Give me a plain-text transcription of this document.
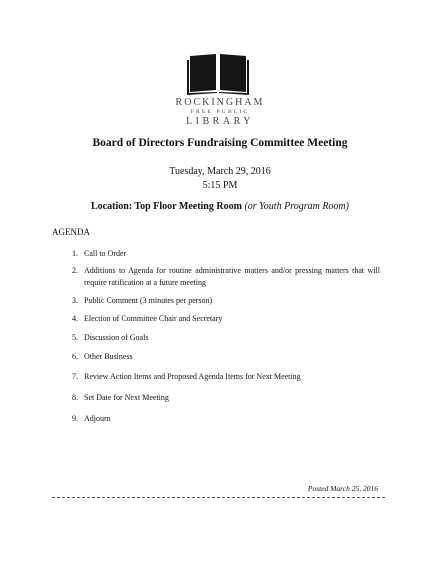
ROCKINGHAM
FREE PUBLIC
LIBRARY
Board of Directors Fundraising Committee Meeting
Tuesday, March 29, 2016
5:15 PM
Location: Top Floor Meeting Room (or Youth Program Room)
AGENDA
1. Call to Order
2. Additions to Agenda for routine administrative matters and/or pressing matters that will require ratification at a future meeting
3. Public Comment (3 minutes per person)
4. Election of Committee Chair and Secretary
5. Discussion of Goals
6. Other Business
7. Review Action Items and Proposed Agenda Items for Next Meeting
8. Set Date for Next Meeting
9. Adjourn
Posted March 25, 2016
